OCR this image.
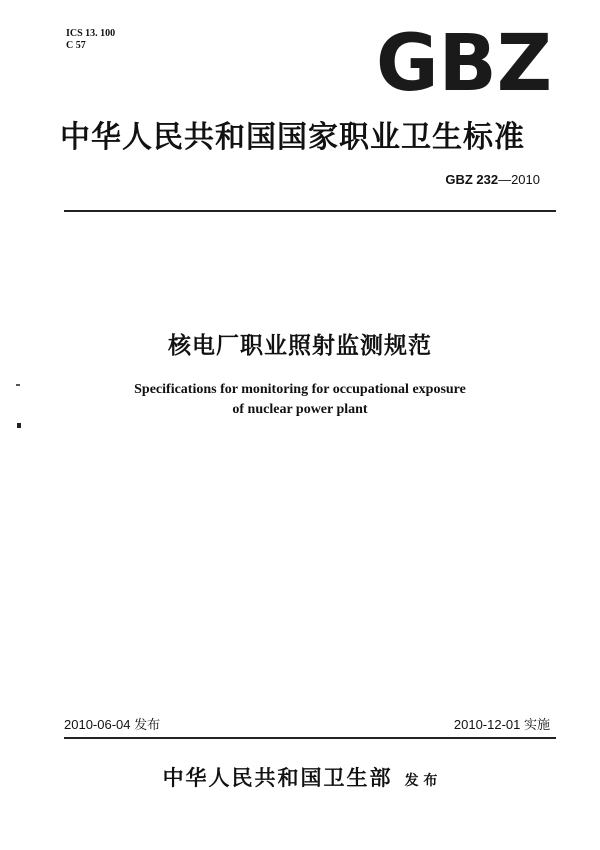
ICS 13. 100
C 57	GBZ
中华人民共和国国家职业卫生标准
GBZ 232—2010
核电厂职业照射监测规范
Specifications for monitoring for occupational exposure
of nuclear power plant
2010-06-04 发布	2010-12-01 实施
中华人民共和国卫生部 发 布
